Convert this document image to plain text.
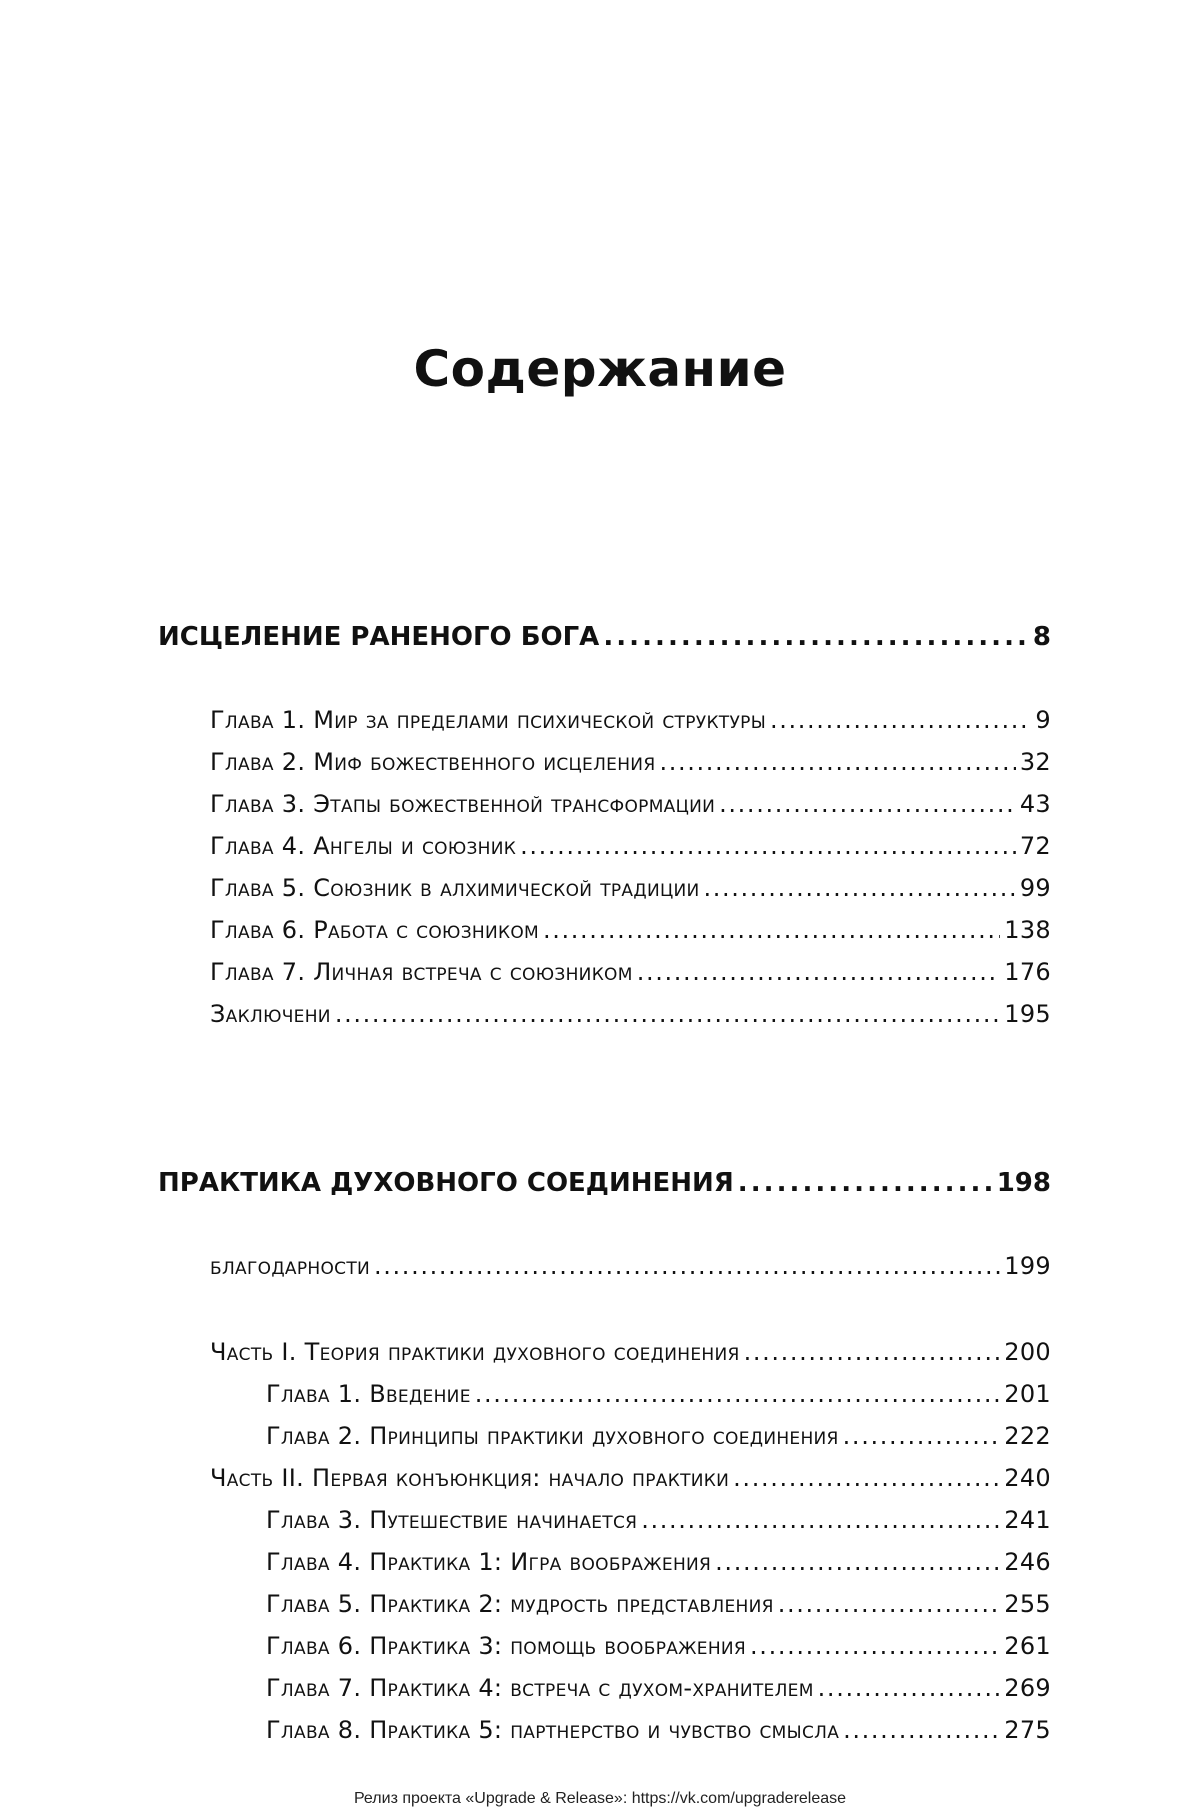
Содержание
ИСЦЕЛЕНИЕ РАНЕНОГО БОГА . . .	8
Глава 1. Мир за пределами психической структуры . . .	9
Глава 2. Миф божественного исцеления . . .	32
Глава 3. Этапы божественной трансформации . . .	43
Глава 4. Ангелы и союзник . . .	72
Глава 5. Союзник в алхимической традиции . . .	99
Глава 6. Работа с союзником . . .	138
Глава 7. Личная встреча с союзником . . .	176
Заключени . . .	195
ПРАКТИКА ДУХОВНОГО СОЕДИНЕНИЯ . . .	198
благодарности . . .	199
Часть I. Теория практики духовного соединения . . .	200
Глава 1. Введение . . .	201
Глава 2. Принципы практики духовного соединения . . .	222
Часть II. Первая конъюнкция: начало практики . . .	240
Глава 3. Путешествие начинается . . .	241
Глава 4. Практика 1: Игра воображения . . .	246
Глава 5. Практика 2: мудрость представления . . .	255
Глава 6. Практика 3: помощь воображения . . .	261
Глава 7. Практика 4: встреча с духом-хранителем . . .	269
Глава 8. Практика 5: партнерство и чувство смысла . . .	275
Релиз проекта «Upgrade & Release»: https://vk.com/upgraderelease
